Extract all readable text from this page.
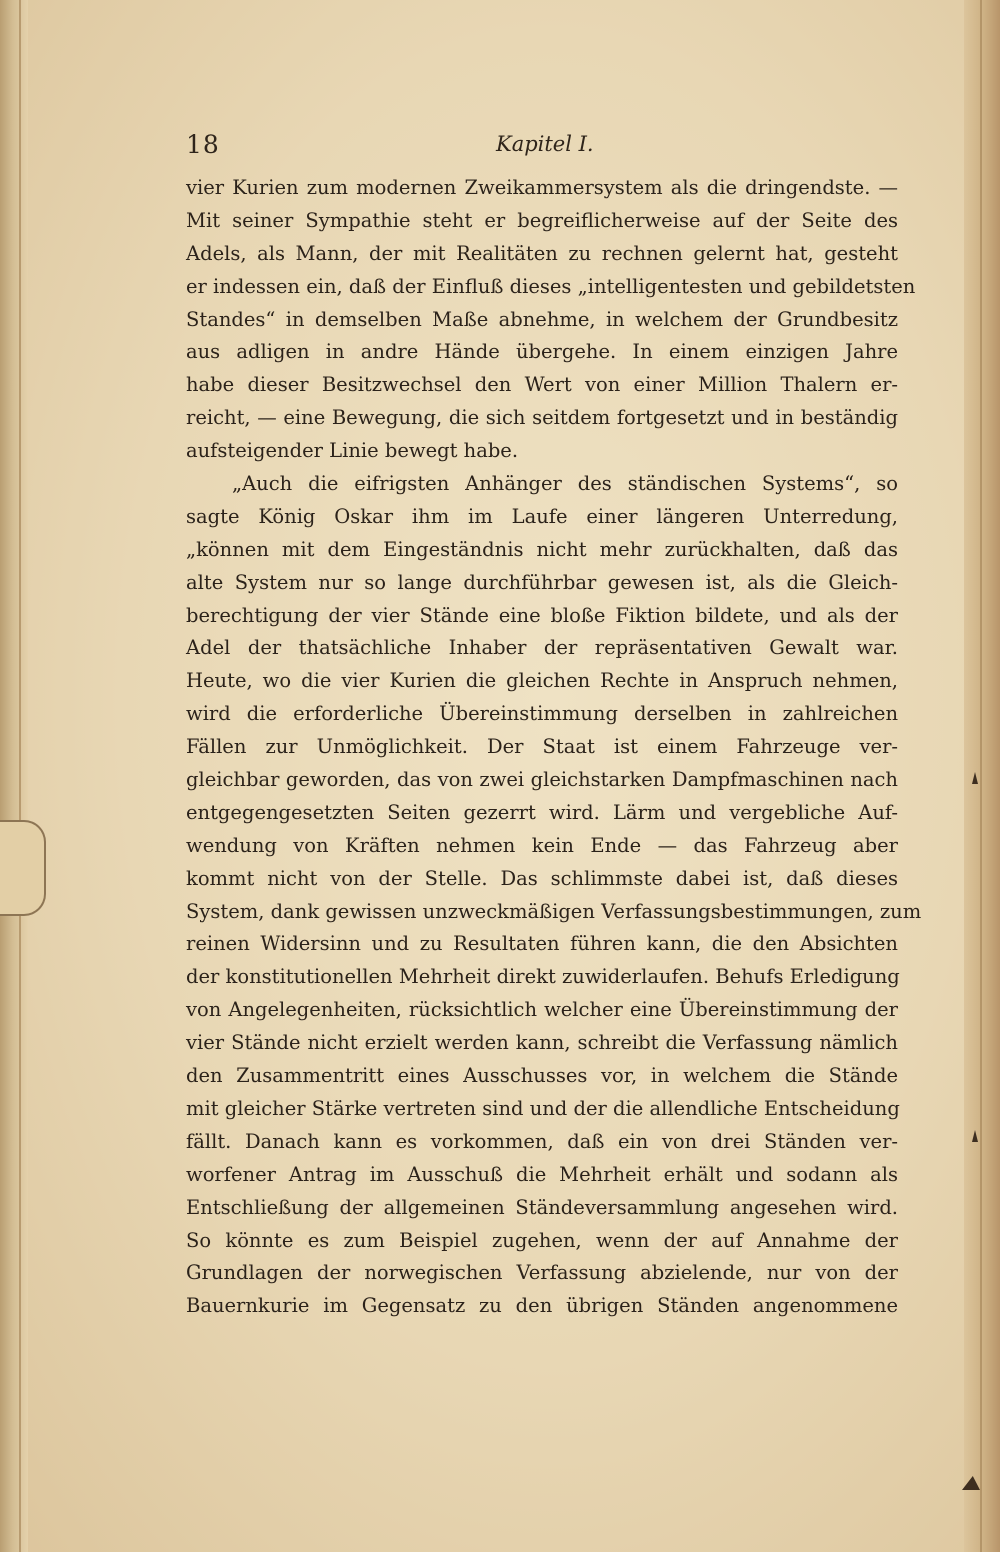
18	Kapitel I.
vier Kurien zum modernen Zweikammersystem als die dringendste. —
Mit seiner Sympathie steht er begreiflicherweise auf der Seite des
Adels, als Mann, der mit Realitäten zu rechnen gelernt hat, gesteht
er indessen ein, daß der Einfluß dieses „intelligentesten und gebildetsten
Standes“ in demselben Maße abnehme, in welchem der Grundbesitz
aus adligen in andre Hände übergehe. In einem einzigen Jahre
habe dieser Besitzwechsel den Wert von einer Million Thalern er-
reicht, — eine Bewegung, die sich seitdem fortgesetzt und in beständig
aufsteigender Linie bewegt habe.
„Auch die eifrigsten Anhänger des ständischen Systems“, so
sagte König Oskar ihm im Laufe einer längeren Unterredung,
„können mit dem Eingeständnis nicht mehr zurückhalten, daß das
alte System nur so lange durchführbar gewesen ist, als die Gleich-
berechtigung der vier Stände eine bloße Fiktion bildete, und als der
Adel der thatsächliche Inhaber der repräsentativen Gewalt war.
Heute, wo die vier Kurien die gleichen Rechte in Anspruch nehmen,
wird die erforderliche Übereinstimmung derselben in zahlreichen
Fällen zur Unmöglichkeit. Der Staat ist einem Fahrzeuge ver-
gleichbar geworden, das von zwei gleichstarken Dampfmaschinen nach
entgegengesetzten Seiten gezerrt wird. Lärm und vergebliche Auf-
wendung von Kräften nehmen kein Ende — das Fahrzeug aber
kommt nicht von der Stelle. Das schlimmste dabei ist, daß dieses
System, dank gewissen unzweckmäßigen Verfassungsbestimmungen, zum
reinen Widersinn und zu Resultaten führen kann, die den Absichten
der konstitutionellen Mehrheit direkt zuwiderlaufen. Behufs Erledigung
von Angelegenheiten, rücksichtlich welcher eine Übereinstimmung der
vier Stände nicht erzielt werden kann, schreibt die Verfassung nämlich
den Zusammentritt eines Ausschusses vor, in welchem die Stände
mit gleicher Stärke vertreten sind und der die allendliche Entscheidung
fällt. Danach kann es vorkommen, daß ein von drei Ständen ver-
worfener Antrag im Ausschuß die Mehrheit erhält und sodann als
Entschließung der allgemeinen Ständeversammlung angesehen wird.
So könnte es zum Beispiel zugehen, wenn der auf Annahme der
Grundlagen der norwegischen Verfassung abzielende, nur von der
Bauernkurie im Gegensatz zu den übrigen Ständen angenommene
